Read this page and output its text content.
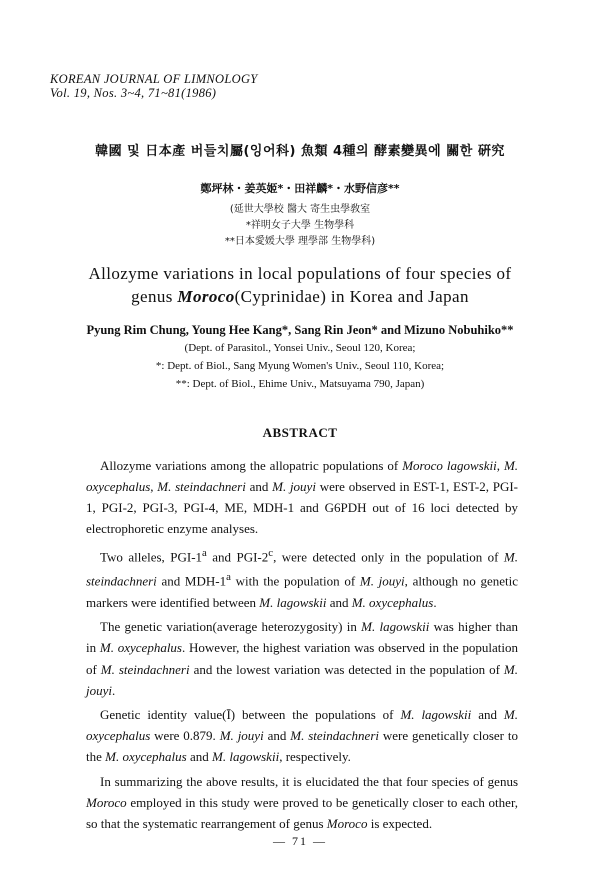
KOREAN JOURNAL OF LIMNOLOGY
Vol. 19, Nos. 3~4, 71~81(1986)
韓國 및 日本產 버들치屬(잉어科) 魚類 4種의 酵素變異에 關한 硏究
鄭坪林・姜英姬*・田祥麟*・水野信彦**
(延世大學校 醫大 寄生虫學敎室
*祥明女子大學 生物學科
**日本愛媛大學 理學部 生物學科)
Allozyme variations in local populations of four species of
genus Moroco(Cyprinidae) in Korea and Japan
Pyung Rim Chung, Young Hee Kang*, Sang Rin Jeon* and Mizuno Nobuhiko**
(Dept. of Parasitol., Yonsei Univ., Seoul 120, Korea;
*: Dept. of Biol., Sang Myung Women's Univ., Seoul 110, Korea;
**: Dept. of Biol., Ehime Univ., Matsuyama 790, Japan)
ABSTRACT

Allozyme variations among the allopatric populations of Moroco lagowskii, M. oxycephalus, M. steindachneri and M. jouyi were observed in EST-1, EST-2, PGI-1, PGI-2, PGI-3, PGI-4, ME, MDH-1 and G6PDH out of 16 loci detected by electrophoretic enzyme analyses.

Two alleles, PGI-1$^a$ and PGI-2$^c$, were detected only in the population of M. steindachneri and MDH-1$^a$ with the population of M. jouyi, although no genetic markers were identified between M. lagowskii and M. oxycephalus.

The genetic variation(average heterozygosity) in M. lagowskii was higher than in M. oxycephalus. However, the highest variation was observed in the population of M. steindachneri and the lowest variation was detected in the population of M. jouyi.

Genetic identity value(Ī) between the populations of M. lagowskii and M. oxycephalus were 0.879. M. jouyi and M. steindachneri were genetically closer to the M. oxycephalus and M. lagowskii, respectively.

In summarizing the above results, it is elucidated the that four species of genus Moroco employed in this study were proved to be genetically closer to each other, so that the systematic rearrangement of genus Moroco is expected.

— 71 —
